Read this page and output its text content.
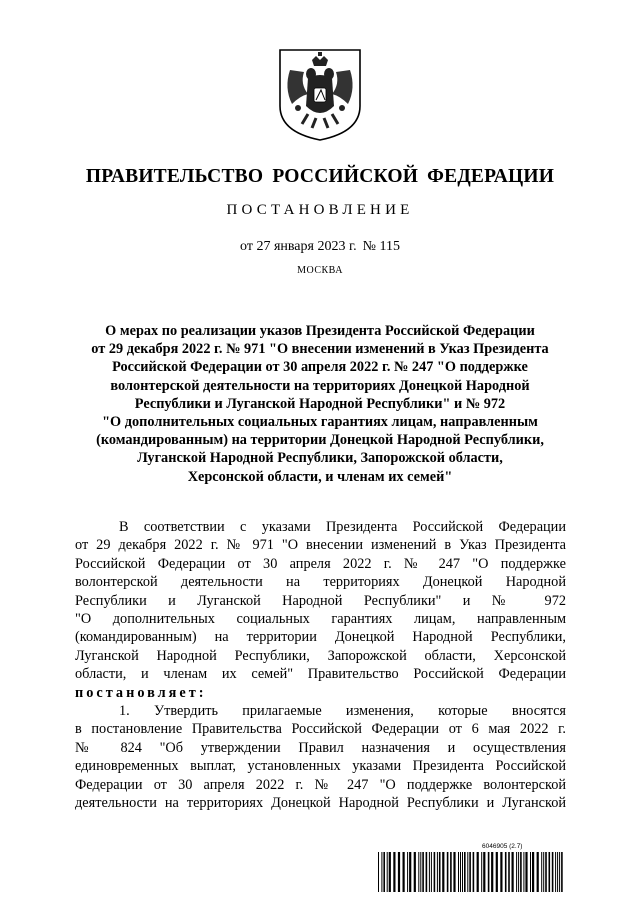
ПРАВИТЕЛЬСТВО РОССИЙСКОЙ ФЕДЕРАЦИИ
ПОСТАНОВЛЕНИЕ
от 27 января 2023 г. № 115
МОСКВА
О мерах по реализации указов Президента Российской Федерации
от 29 декабря 2022 г. № 971 "О внесении изменений в Указ Президента
Российской Федерации от 30 апреля 2022 г. № 247 "О поддержке
волонтерской деятельности на территориях Донецкой Народной
Республики и Луганской Народной Республики" и № 972
"О дополнительных социальных гарантиях лицам, направленным
(командированным) на территории Донецкой Народной Республики,
Луганской Народной Республики, Запорожской области,
Херсонской области, и членам их семей"
В соответствии с указами Президента Российской Федерации
от 29 декабря 2022 г. № 971 "О внесении изменений в Указ Президента
Российской Федерации от 30 апреля 2022 г. № 247 "О поддержке
волонтерской деятельности на территориях Донецкой Народной
Республики и Луганской Народной Республики" и № 972
"О дополнительных социальных гарантиях лицам, направленным
(командированным) на территории Донецкой Народной Республики,
Луганской Народной Республики, Запорожской области, Херсонской
области, и членам их семей" Правительство Российской Федерации
постановляет:
1. Утвердить прилагаемые изменения, которые вносятся
в постановление Правительства Российской Федерации от 6 мая 2022 г.
№ 824 "Об утверждении Правил назначения и осуществления
единовременных выплат, установленных указами Президента Российской
Федерации от 30 апреля 2022 г. № 247 "О поддержке волонтерской
деятельности на территориях Донецкой Народной Республики и Луганской
6046905 (2.7)
